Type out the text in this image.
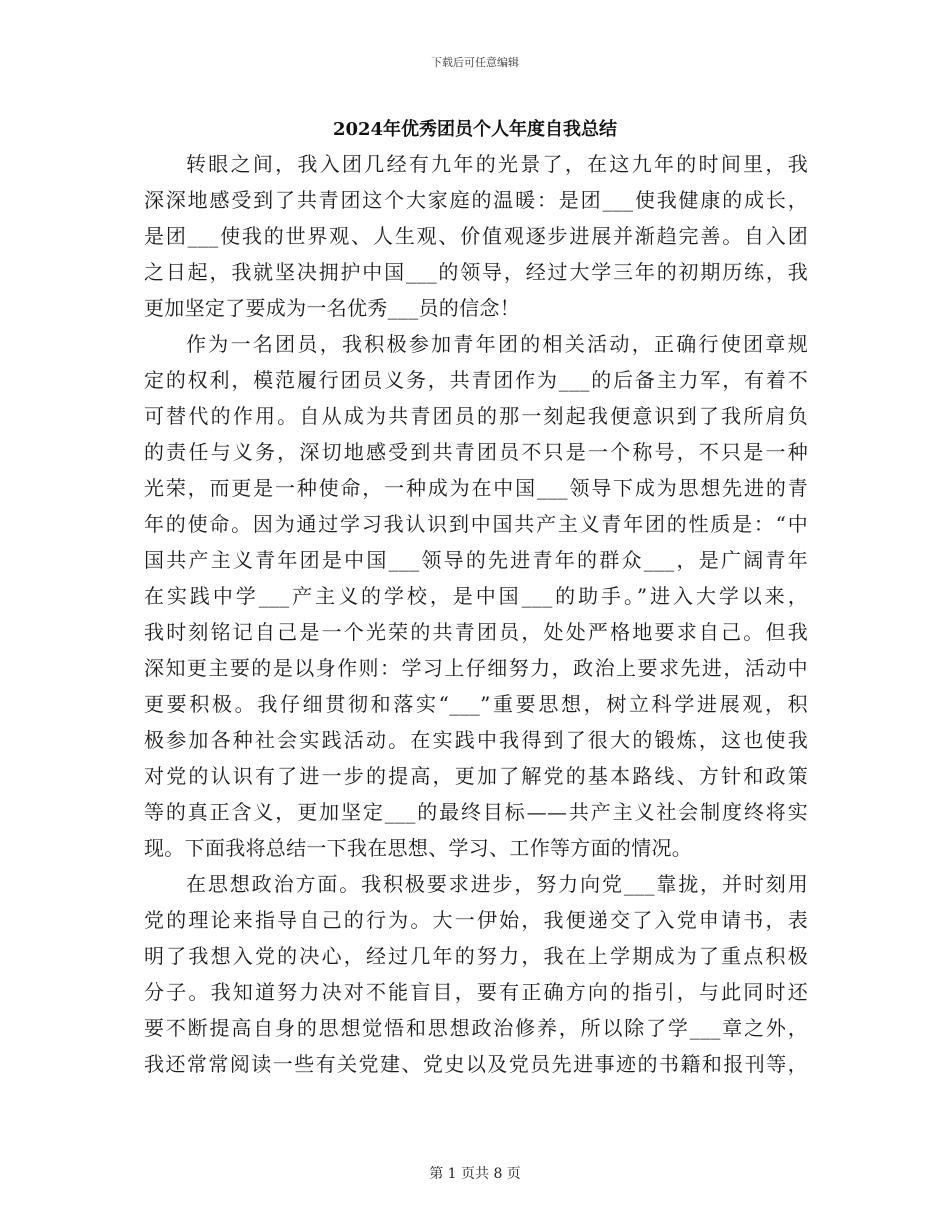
下载后可任意编辑
2024年优秀团员个人年度自我总结
转眼之间，我入团几经有九年的光景了，在这九年的时间里，我
深深地感受到了共青团这个大家庭的温暖：是团___使我健康的成长，
是团___使我的世界观、人生观、价值观逐步进展并渐趋完善。自入团
之日起，我就坚决拥护中国___的领导，经过大学三年的初期历练，我
更加坚定了要成为一名优秀___员的信念！
作为一名团员，我积极参加青年团的相关活动，正确行使团章规
定的权利，模范履行团员义务，共青团作为___的后备主力军，有着不
可替代的作用。自从成为共青团员的那一刻起我便意识到了我所肩负
的责任与义务，深切地感受到共青团员不只是一个称号，不只是一种
光荣，而更是一种使命，一种成为在中国___领导下成为思想先进的青
年的使命。因为通过学习我认识到中国共产主义青年团的性质是：“中
国共产主义青年团是中国___领导的先进青年的群众___，是广阔青年
在实践中学___产主义的学校，是中国___的助手。”进入大学以来，
我时刻铭记自己是一个光荣的共青团员，处处严格地要求自己。但我
深知更主要的是以身作则：学习上仔细努力，政治上要求先进，活动中
更要积极。我仔细贯彻和落实“___”重要思想，树立科学进展观，积
极参加各种社会实践活动。在实践中我得到了很大的锻炼，这也使我
对党的认识有了进一步的提高，更加了解党的基本路线、方针和政策
等的真正含义，更加坚定___的最终目标——共产主义社会制度终将实
现。下面我将总结一下我在思想、学习、工作等方面的情况。
在思想政治方面。我积极要求进步，努力向党___靠拢，并时刻用
党的理论来指导自己的行为。大一伊始，我便递交了入党申请书，表
明了我想入党的决心，经过几年的努力，我在上学期成为了重点积极
分子。我知道努力决对不能盲目，要有正确方向的指引，与此同时还
要不断提高自身的思想觉悟和思想政治修养，所以除了学___章之外，
我还常常阅读一些有关党建、党史以及党员先进事迹的书籍和报刊等，
第 1 页共 8 页
